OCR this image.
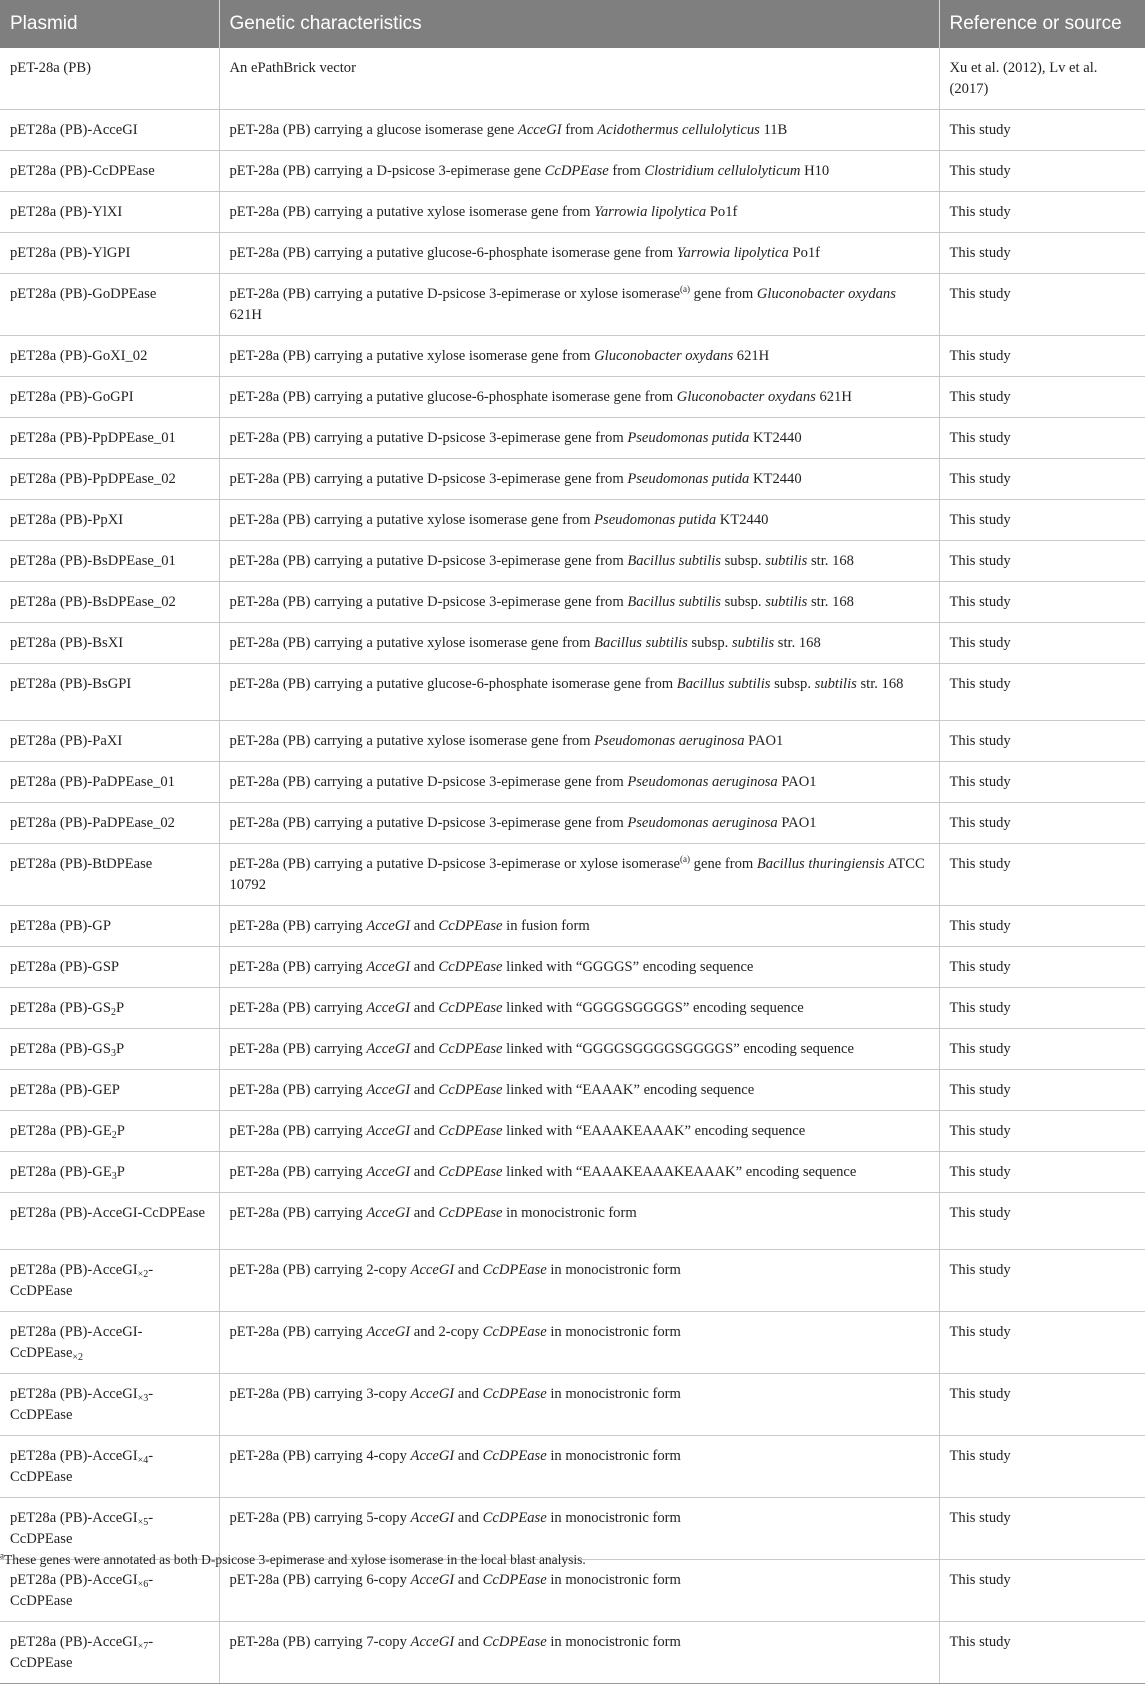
Plasmid	Genetic characteristics	Reference or source
pET-28a (PB)	An ePathBrick vector	Xu et al. (2012), Lv et al. (2017)
pET28a (PB)-AcceGI	pET-28a (PB) carrying a glucose isomerase gene AcceGI from Acidothermus cellulolyticus 11B	This study
pET28a (PB)-CcDPEase	pET-28a (PB) carrying a D-psicose 3-epimerase gene CcDPEase from Clostridium cellulolyticum H10	This study
pET28a (PB)-YlXI	pET-28a (PB) carrying a putative xylose isomerase gene from Yarrowia lipolytica Po1f	This study
pET28a (PB)-YlGPI	pET-28a (PB) carrying a putative glucose-6-phosphate isomerase gene from Yarrowia lipolytica Po1f	This study
pET28a (PB)-GoDPEase	pET-28a (PB) carrying a putative D-psicose 3-epimerase or xylose isomerase$^{(a)}$ gene from Gluconobacter oxydans 621H	This study
pET28a (PB)-GoXI_02	pET-28a (PB) carrying a putative xylose isomerase gene from Gluconobacter oxydans 621H	This study
pET28a (PB)-GoGPI	pET-28a (PB) carrying a putative glucose-6-phosphate isomerase gene from Gluconobacter oxydans 621H	This study
pET28a (PB)-PpDPEase_01	pET-28a (PB) carrying a putative D-psicose 3-epimerase gene from Pseudomonas putida KT2440	This study
pET28a (PB)-PpDPEase_02	pET-28a (PB) carrying a putative D-psicose 3-epimerase gene from Pseudomonas putida KT2440	This study
pET28a (PB)-PpXI	pET-28a (PB) carrying a putative xylose isomerase gene from Pseudomonas putida KT2440	This study
pET28a (PB)-BsDPEase_01	pET-28a (PB) carrying a putative D-psicose 3-epimerase gene from Bacillus subtilis subsp. subtilis str. 168	This study
pET28a (PB)-BsDPEase_02	pET-28a (PB) carrying a putative D-psicose 3-epimerase gene from Bacillus subtilis subsp. subtilis str. 168	This study
pET28a (PB)-BsXI	pET-28a (PB) carrying a putative xylose isomerase gene from Bacillus subtilis subsp. subtilis str. 168	This study
pET28a (PB)-BsGPI	pET-28a (PB) carrying a putative glucose-6-phosphate isomerase gene from Bacillus subtilis subsp. subtilis str. 168	This study
pET28a (PB)-PaXI	pET-28a (PB) carrying a putative xylose isomerase gene from Pseudomonas aeruginosa PAO1	This study
pET28a (PB)-PaDPEase_01	pET-28a (PB) carrying a putative D-psicose 3-epimerase gene from Pseudomonas aeruginosa PAO1	This study
pET28a (PB)-PaDPEase_02	pET-28a (PB) carrying a putative D-psicose 3-epimerase gene from Pseudomonas aeruginosa PAO1	This study
pET28a (PB)-BtDPEase	pET-28a (PB) carrying a putative D-psicose 3-epimerase or xylose isomerase$^{(a)}$ gene from Bacillus thuringiensis ATCC 10792	This study
pET28a (PB)-GP	pET-28a (PB) carrying AcceGI and CcDPEase in fusion form	This study
pET28a (PB)-GSP	pET-28a (PB) carrying AcceGI and CcDPEase linked with “GGGGS” encoding sequence	This study
pET28a $(PB)-GS_2P$	pET-28a (PB) carrying AcceGI and CcDPEase linked with “GGGGSGGGGS” encoding sequence	This study
pET28a $(PB)-GS_3P$	pET-28a (PB) carrying AcceGI and CcDPEase linked with “GGGGSGGGGSGGGGS” encoding sequence	This study
pET28a (PB)-GEP	pET-28a (PB) carrying AcceGI and CcDPEase linked with “EAAAK” encoding sequence	This study
pET28a $(PB)-GE_2P$	pET-28a (PB) carrying AcceGI and CcDPEase linked with “EAAAKEAAAK” encoding sequence	This study
pET28a $(PB)-GE_3P$	pET-28a (PB) carrying AcceGI and CcDPEase linked with “EAAAKEAAAKEAAAK” encoding sequence	This study
pET28a (PB)-AcceGI-CcDPEase	pET-28a (PB) carrying AcceGI and CcDPEase in monocistronic form	This study
pET28a (PB)-AcceGI$_{\times 2}$-CcDPEase	pET-28a (PB) carrying 2-copy AcceGI and CcDPEase in monocistronic form	This study
pET28a (PB)-AcceGI-CcDPEase$_{\times 2}$	pET-28a (PB) carrying AcceGI and 2-copy CcDPEase in monocistronic form	This study
pET28a (PB)-AcceGI$_{\times 3}$-CcDPEase	pET-28a (PB) carrying 3-copy AcceGI and CcDPEase in monocistronic form	This study
pET28a (PB)-AcceGI$_{\times 4}$-CcDPEase	pET-28a (PB) carrying 4-copy AcceGI and CcDPEase in monocistronic form	This study
pET28a (PB)-AcceGI$_{\times 5}$-CcDPEase	pET-28a (PB) carrying 5-copy AcceGI and CcDPEase in monocistronic form	This study
pET28a (PB)-AcceGI$_{\times 6}$-CcDPEase	pET-28a (PB) carrying 6-copy AcceGI and CcDPEase in monocistronic form	This study
pET28a (PB)-AcceGI$_{\times 7}$-CcDPEase	pET-28a (PB) carrying 7-copy AcceGI and CcDPEase in monocistronic form	This study
$^a$These genes were annotated as both D-psicose 3-epimerase and xylose isomerase in the local blast analysis.
